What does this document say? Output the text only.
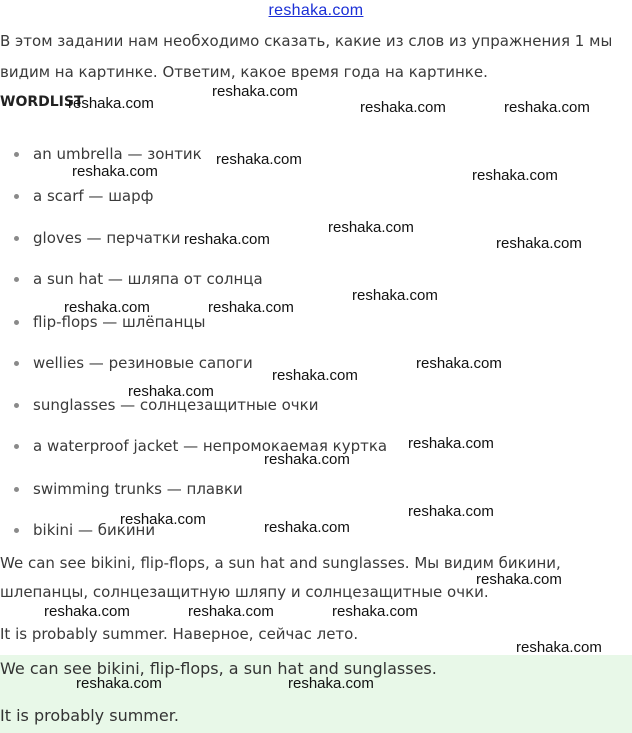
reshaka.com
В этом задании нам необходимо сказать, какие из слов из упражнения 1 мы
видим на картинке. Ответим, какое время года на картинке.
WORDLIST
an umbrella — зонтик
a scarf — шарф
gloves — перчатки
a sun hat — шляпа от солнца
flip-flops — шлёпанцы
wellies — резиновые сапоги
sunglasses — солнцезащитные очки
a waterproof jacket — непромокаемая куртка
swimming trunks — плавки
bikini — бикини
We can see bikini, flip-flops, a sun hat and sunglasses. Мы видим бикини,
шлепанцы, солнцезащитную шляпу и солнцезащитные очки.
It is probably summer. Наверное, сейчас лето.
We can see bikini, flip-flops, a sun hat and sunglasses.
It is probably summer.
reshaka.com
reshaka.com
reshaka.com	reshaka.com
reshaka.com
reshaka.com	reshaka.com
reshaka.com
reshaka.com	reshaka.com
reshaka.com
reshaka.com	reshaka.com
reshaka.com
reshaka.com
reshaka.com
reshaka.com
reshaka.com
reshaka.com
reshaka.com	reshaka.com
reshaka.com
reshaka.com	reshaka.com	reshaka.com
reshaka.com
reshaka.com	reshaka.com
